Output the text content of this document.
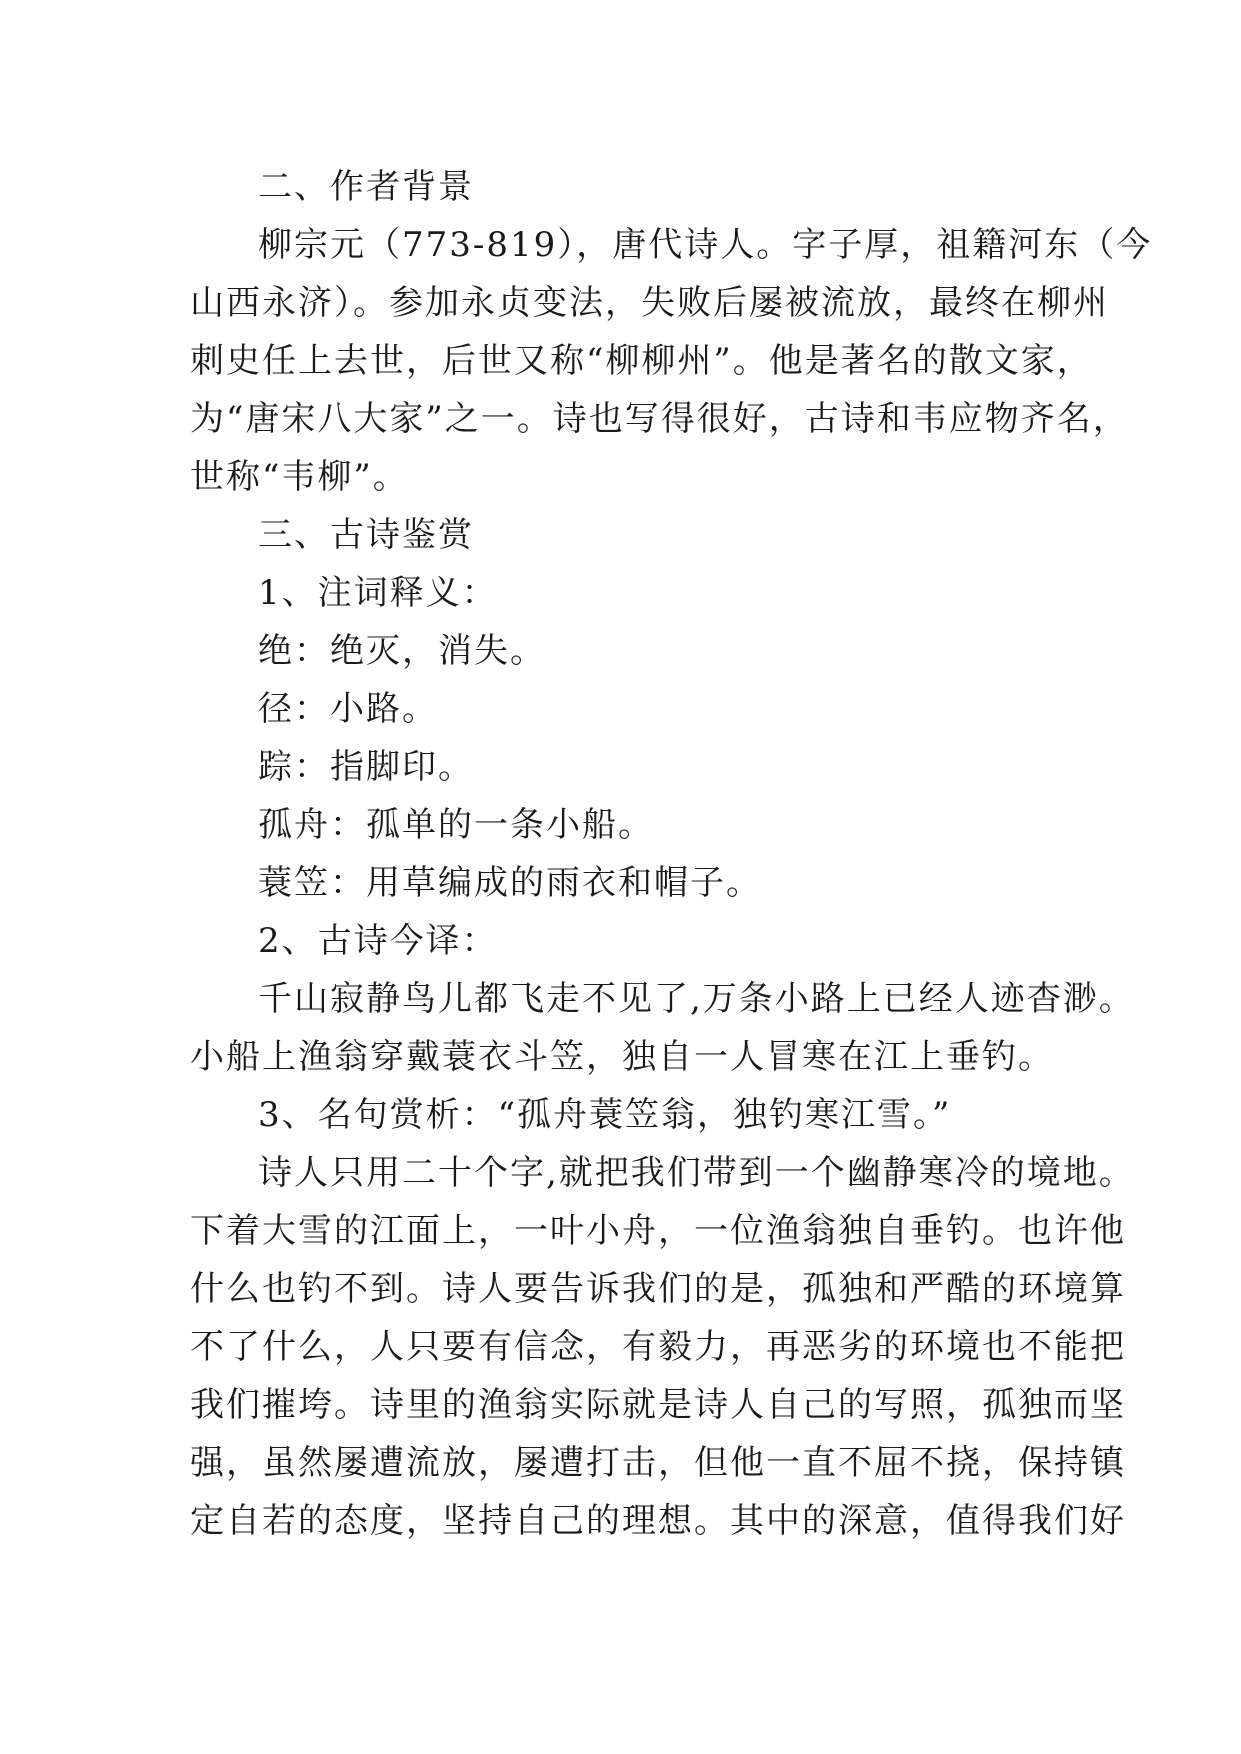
二、作者背景
柳宗元（773-819），唐代诗人。字子厚，祖籍河东（今
山西永济）。参加永贞变法，失败后屡被流放，最终在柳州
刺史任上去世，后世又称“柳柳州”。他是著名的散文家，
为“唐宋八大家”之一。诗也写得很好，古诗和韦应物齐名，
世称“韦柳”。
三、古诗鉴赏
1、注词释义：
绝：绝灭，消失。
径：小路。
踪：指脚印。
孤舟：孤单的一条小船。
蓑笠：用草编成的雨衣和帽子。
2、古诗今译：
千山寂静鸟儿都飞走不见了,万条小路上已经人迹杳渺。
小船上渔翁穿戴蓑衣斗笠，独自一人冒寒在江上垂钓。
3、名句赏析：“孤舟蓑笠翁，独钓寒江雪。”
诗人只用二十个字,就把我们带到一个幽静寒冷的境地。
下着大雪的江面上，一叶小舟，一位渔翁独自垂钓。也许他
什么也钓不到。诗人要告诉我们的是，孤独和严酷的环境算
不了什么，人只要有信念，有毅力，再恶劣的环境也不能把
我们摧垮。诗里的渔翁实际就是诗人自己的写照，孤独而坚
强，虽然屡遭流放，屡遭打击，但他一直不屈不挠，保持镇
定自若的态度，坚持自己的理想。其中的深意，值得我们好
